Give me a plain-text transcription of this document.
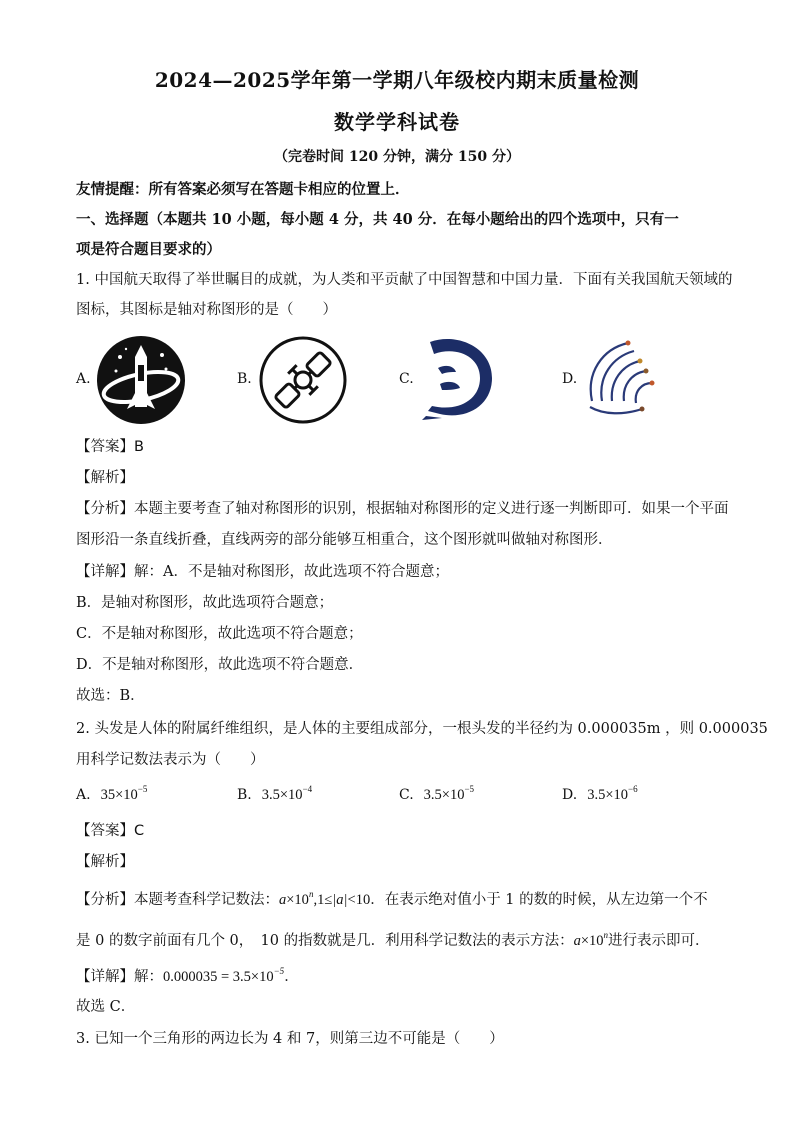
2024—2025学年第一学期八年级校内期末质量检测
数学学科试卷
（完卷时间 120 分钟，满分 150 分）
友情提醒：所有答案必须写在答题卡相应的位置上．
一、选择题（本题共 10 小题，每小题 4 分，共 40 分．在每小题给出的四个选项中，只有一
项是符合题目要求的）
1. 中国航天取得了举世瞩目的成就，为人类和平贡献了中国智慧和中国力量．下面有关我国航天领域的
图标，其图标是轴对称图形的是（　　）
A.	B.	C.	D.
【答案】B
【解析】
【分析】本题主要考查了轴对称图形的识别，根据轴对称图形的定义进行逐一判断即可．如果一个平面
图形沿一条直线折叠，直线两旁的部分能够互相重合，这个图形就叫做轴对称图形．
【详解】解：A．不是轴对称图形，故此选项不符合题意；
B．是轴对称图形，故此选项符合题意；
C．不是轴对称图形，故此选项不符合题意；
D．不是轴对称图形，故此选项不符合题意．
故选：B．
2. 头发是人体的附属纤维组织，是人体的主要组成部分，一根头发的半径约为 0.000035m ，则 0.000035
用科学记数法表示为（　　）
A. $35\times 10^{-5}$	B. $3.5\times 10^{-4}$	C. $3.5\times 10^{-5}$	D. $3.5\times 10^{-6}$
【答案】C
【解析】
【分析】本题考查科学记数法：$a\times 10^n,1\le|a|<10$．在表示绝对值小于 1 的数的时候，从左边第一个不
是 0 的数字前面有几个 0，　10 的指数就是几．利用科学记数法的表示方法：$a\times 10^n$进行表示即可．
【详解】解：$0.000035 = 3.5\times 10^{-5}$．
故选 C．
3. 已知一个三角形的两边长为 4 和 7，则第三边不可能是（　　）
